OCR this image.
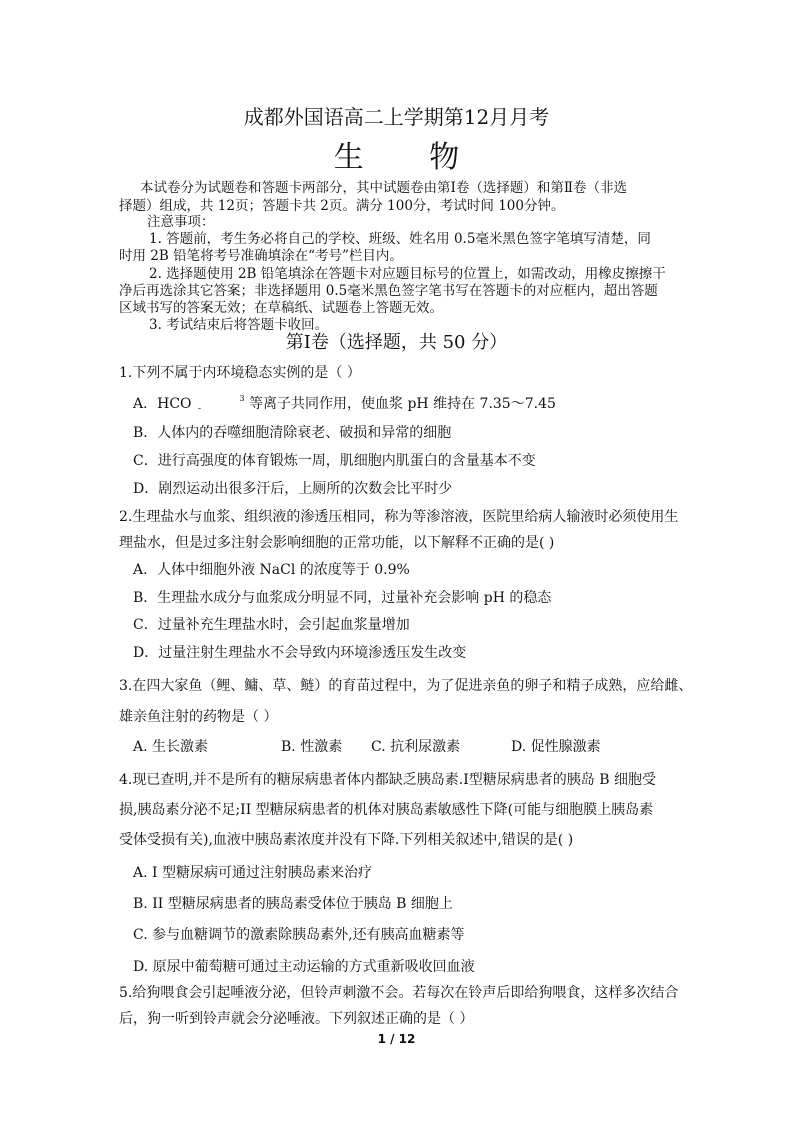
成都外国语高二上学期第12月月考
生 物
本试卷分为试题卷和答题卡两部分，其中试题卷由第Ⅰ卷（选择题）和第Ⅱ卷（非选
择题）组成，共 12页；答题卡共 2页。满分 100分，考试时间 100分钟。
注意事项：
1. 答题前，考生务必将自己的学校、班级、姓名用 0.5毫米黑色签字笔填写清楚，同
时用 2B 铅笔将考号准确填涂在“考号”栏目内。
2. 选择题使用 2B 铅笔填涂在答题卡对应题目标号的位置上，如需改动，用橡皮擦擦干
净后再选涂其它答案；非选择题用 0.5毫米黑色签字笔书写在答题卡的对应框内，超出答题
区域书写的答案无效；在草稿纸、试题卷上答题无效。
3. 考试结束后将答题卡收回。
第Ⅰ卷（选择题，共 50 分）
1.下列不属于内环境稳态实例的是（ ）
A．HCO $_-$ $^3$ 等离子共同作用，使血浆 pH 维持在 7.35～7.45
B．人体内的吞噬细胞清除衰老、破损和异常的细胞
C．进行高强度的体育锻炼一周，肌细胞内肌蛋白的含量基本不变
D．剧烈运动出很多汗后，上厕所的次数会比平时少
2.生理盐水与血浆、组织液的渗透压相同，称为等渗溶液，医院里给病人输液时必须使用生
理盐水，但是过多注射会影响细胞的正常功能，以下解释不正确的是( )
A．人体中细胞外液 NaCl 的浓度等于 0.9%
B．生理盐水成分与血浆成分明显不同，过量补充会影响 pH 的稳态
C．过量补充生理盐水时，会引起血浆量增加
D．过量注射生理盐水不会导致内环境渗透压发生改变
3.在四大家鱼（鲤、鳙、草、鲢）的育苗过程中，为了促进亲鱼的卵子和精子成熟，应给雌、
雄亲鱼注射的药物是（ ）
A. 生长激素	B. 性激素 C. 抗利尿激素	D. 促性腺激素
4.现已查明,并不是所有的糖尿病患者体内都缺乏胰岛素.Ⅰ型糖尿病患者的胰岛 B 细胞受
损,胰岛素分泌不足;II 型糖尿病患者的机体对胰岛素敏感性下降(可能与细胞膜上胰岛素
受体受损有关),血液中胰岛素浓度并没有下降.下列相关叙述中,错误的是( )
A. I 型糖尿病可通过注射胰岛素来治疗
B. II 型糖尿病患者的胰岛素受体位于胰岛 B 细胞上
C. 参与血糖调节的激素除胰岛素外,还有胰高血糖素等
D. 原尿中葡萄糖可通过主动运输的方式重新吸收回血液
5.给狗喂食会引起唾液分泌，但铃声刺激不会。若每次在铃声后即给狗喂食，这样多次结合
后，狗一听到铃声就会分泌唾液。下列叙述正确的是（ ）
1 / 12
